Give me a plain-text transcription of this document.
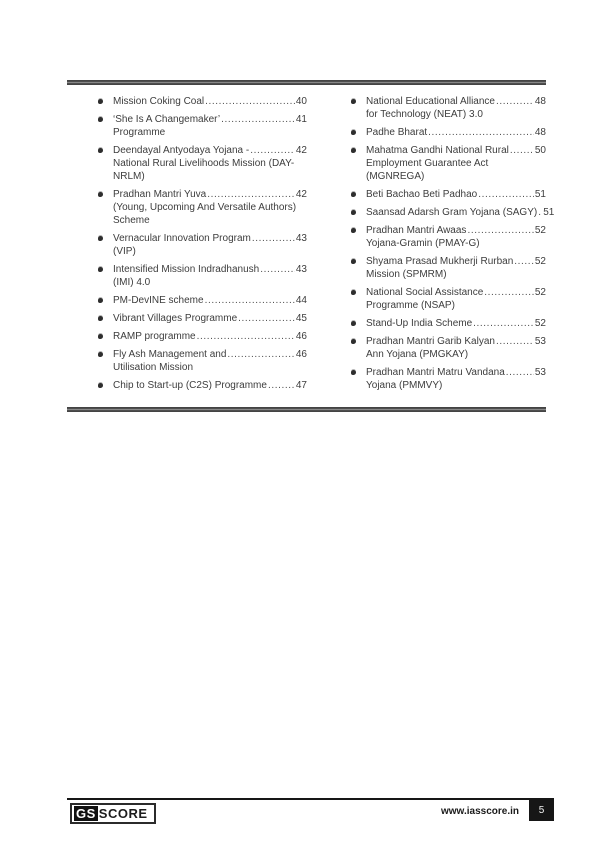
Mission Coking Coal .....	40
‘She Is A Changemaker’ .....	41
Programme
Deendayal Antyodaya Yojana - .....	42
National Rural Livelihoods Mission (DAY-NRLM)
Pradhan Mantri Yuva .....	42
(Young, Upcoming And Versatile Authors) Scheme
Vernacular Innovation Program .....	43
(VIP)
Intensified Mission Indradhanush .....	43
(IMI) 4.0
PM-DevINE scheme .....	44
Vibrant Villages Programme .....	45
RAMP programme .....	46
Fly Ash Management and .....	46
Utilisation Mission
Chip to Start-up (C2S) Programme .....	47
National Educational Alliance .....	48
for Technology (NEAT) 3.0
Padhe Bharat .....	48
Mahatma Gandhi National Rural .....	50
Employment Guarantee Act (MGNREGA)
Beti Bachao Beti Padhao .....	51
Saansad Adarsh Gram Yojana (SAGY) ..... 51
Pradhan Mantri Awaas .....	52
Yojana-Gramin (PMAY-G)
Shyama Prasad Mukherji Rurban ..... 52
Mission (SPMRM)
National Social Assistance .....	52
Programme (NSAP)
Stand-Up India Scheme .....	52
Pradhan Mantri Garib Kalyan .....	53
Ann Yojana (PMGKAY)
Pradhan Mantri Matru Vandana .....	53
Yojana (PMMVY)
GS SCORE	www.iasscore.in 5
